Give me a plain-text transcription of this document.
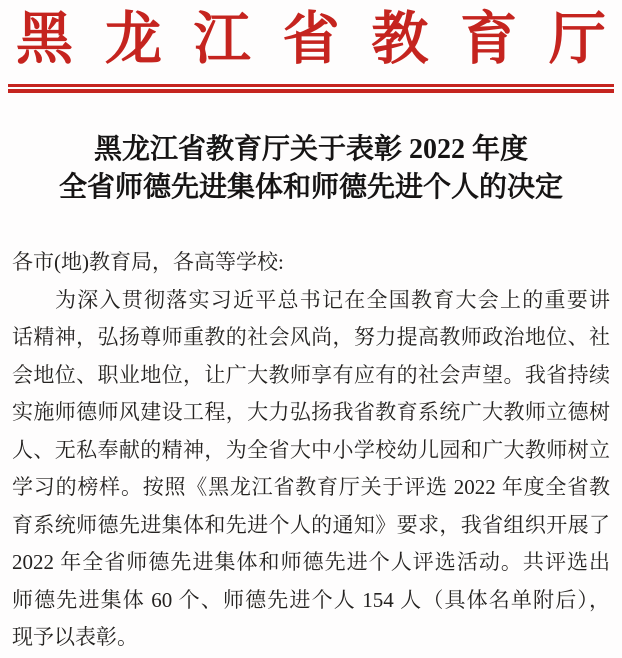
黑 龙 江 省 教 育 厅
黑龙江省教育厅关于表彰 2022 年度
全省师德先进集体和师德先进个人的决定
各市(地)教育局，各高等学校:
为深入贯彻落实习近平总书记在全国教育大会上的重要讲
话精神，弘扬尊师重教的社会风尚，努力提高教师政治地位、社
会地位、职业地位，让广大教师享有应有的社会声望。我省持续
实施师德师风建设工程，大力弘扬我省教育系统广大教师立德树
人、无私奉献的精神，为全省大中小学校幼儿园和广大教师树立
学习的榜样。按照《黑龙江省教育厅关于评选 2022 年度全省教
育系统师德先进集体和先进个人的通知》要求，我省组织开展了
2022 年全省师德先进集体和师德先进个人评选活动。共评选出
师德先进集体 60 个、师德先进个人 154 人（具体名单附后），
现予以表彰。
